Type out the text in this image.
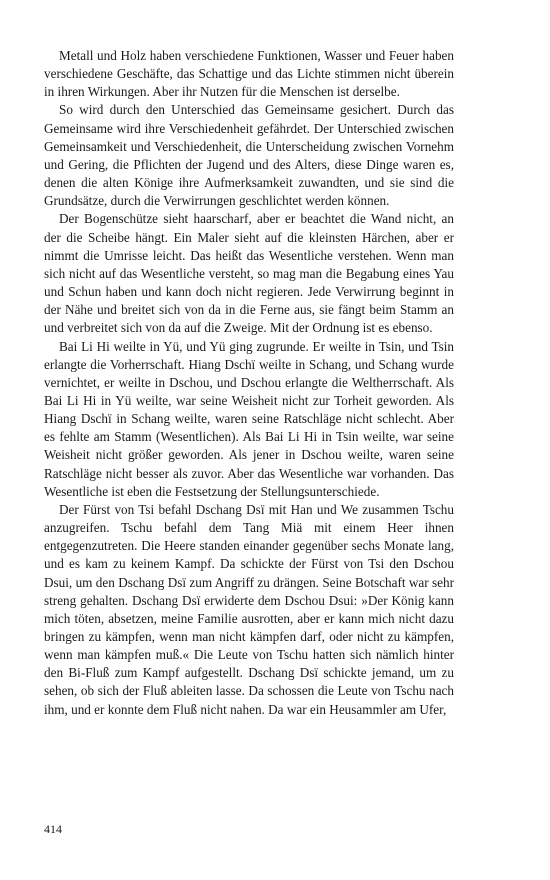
Metall und Holz haben verschiedene Funktionen, Wasser und Feuer haben verschiedene Geschäfte, das Schattige und das Lichte stimmen nicht überein in ihren Wirkungen. Aber ihr Nutzen für die Menschen ist derselbe.

So wird durch den Unterschied das Gemeinsame gesichert. Durch das Gemeinsame wird ihre Verschiedenheit gefährdet. Der Unterschied zwischen Gemeinsamkeit und Verschiedenheit, die Unterscheidung zwischen Vornehm und Gering, die Pflichten der Jugend und des Alters, diese Dinge waren es, denen die alten Könige ihre Aufmerksamkeit zuwandten, und sie sind die Grundsätze, durch die Verwirrungen geschlichtet werden können.

Der Bogenschütze sieht haarscharf, aber er beachtet die Wand nicht, an der die Scheibe hängt. Ein Maler sieht auf die kleinsten Härchen, aber er nimmt die Umrisse leicht. Das heißt das Wesentliche verstehen. Wenn man sich nicht auf das Wesentliche versteht, so mag man die Begabung eines Yau und Schun haben und kann doch nicht regieren. Jede Verwirrung beginnt in der Nähe und breitet sich von da in die Ferne aus, sie fängt beim Stamm an und verbreitet sich von da auf die Zweige. Mit der Ordnung ist es ebenso.

Bai Li Hi weilte in Yü, und Yü ging zugrunde. Er weilte in Tsin, und Tsin erlangte die Vorherrschaft. Hiang Dschï weilte in Schang, und Schang wurde vernichtet, er weilte in Dschou, und Dschou erlangte die Weltherrschaft. Als Bai Li Hi in Yü weilte, war seine Weisheit nicht zur Torheit geworden. Als Hiang Dschï in Schang weilte, waren seine Ratschläge nicht schlecht. Aber es fehlte am Stamm (Wesentlichen). Als Bai Li Hi in Tsin weilte, war seine Weisheit nicht größer geworden. Als jener in Dschou weilte, waren seine Ratschläge nicht besser als zuvor. Aber das Wesentliche war vorhanden. Das Wesentliche ist eben die Festsetzung der Stellungsunterschiede.

Der Fürst von Tsi befahl Dschang Dsï mit Han und We zusammen Tschu anzugreifen. Tschu befahl dem Tang Miä mit einem Heer ihnen entgegenzutreten. Die Heere standen einander gegenüber sechs Monate lang, und es kam zu keinem Kampf. Da schickte der Fürst von Tsi den Dschou Dsui, um den Dschang Dsï zum Angriff zu drängen. Seine Botschaft war sehr streng gehalten. Dschang Dsï erwiderte dem Dschou Dsui: »Der König kann mich töten, absetzen, meine Familie ausrotten, aber er kann mich nicht dazu bringen zu kämpfen, wenn man nicht kämpfen darf, oder nicht zu kämpfen, wenn man kämpfen muß.« Die Leute von Tschu hatten sich nämlich hinter den Bi-Fluß zum Kampf aufgestellt. Dschang Dsï schickte jemand, um zu sehen, ob sich der Fluß ableiten lasse. Da schossen die Leute von Tschu nach ihm, und er konnte dem Fluß nicht nahen. Da war ein Heusammler am Ufer,

414
